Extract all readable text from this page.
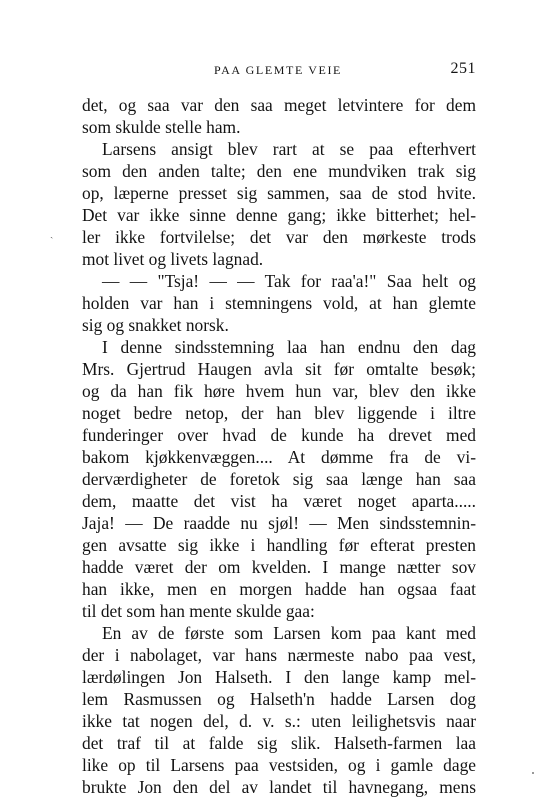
PAA GLEMTE VEIE	251
ˎ
det, og saa var den saa meget letvintere for dem
som skulde stelle ham.
Larsens ansigt blev rart at se paa efterhvert
som den anden talte; den ene mundviken trak sig
op, læperne presset sig sammen, saa de stod hvite.
Det var ikke sinne denne gang; ikke bitterhet; hel-
ler ikke fortvilelse; det var den mørkeste trods
mot livet og livets lagnad.
— — "Tsja! — — Tak for raa'a!" Saa helt og
holden var han i stemningens vold, at han glemte
sig og snakket norsk.
I denne sindsstemning laa han endnu den dag
Mrs. Gjertrud Haugen avla sit før omtalte besøk;
og da han fik høre hvem hun var, blev den ikke
noget bedre netop, der han blev liggende i iltre
funderinger over hvad de kunde ha drevet med
bakom kjøkkenvæggen.... At dømme fra de vi-
derværdigheter de foretok sig saa længe han saa
dem, maatte det vist ha været noget aparta.....
Jaja! — De raadde nu sjøl! — Men sindsstemnin-
gen avsatte sig ikke i handling før efterat presten
hadde været der om kvelden. I mange nætter sov
han ikke, men en morgen hadde han ogsaa faat
til det som han mente skulde gaa:
En av de første som Larsen kom paa kant med
der i nabolaget, var hans nærmeste nabo paa vest,
lærdølingen Jon Halseth. I den lange kamp mel-
lem Rasmussen og Halseth'n hadde Larsen dog
ikke tat nogen del, d. v. s.: uten leilighetsvis naar
det traf til at falde sig slik. Halseth-farmen laa
like op til Larsens paa vestsiden, og i gamle dage
brukte Jon den del av landet til havnegang, mens
